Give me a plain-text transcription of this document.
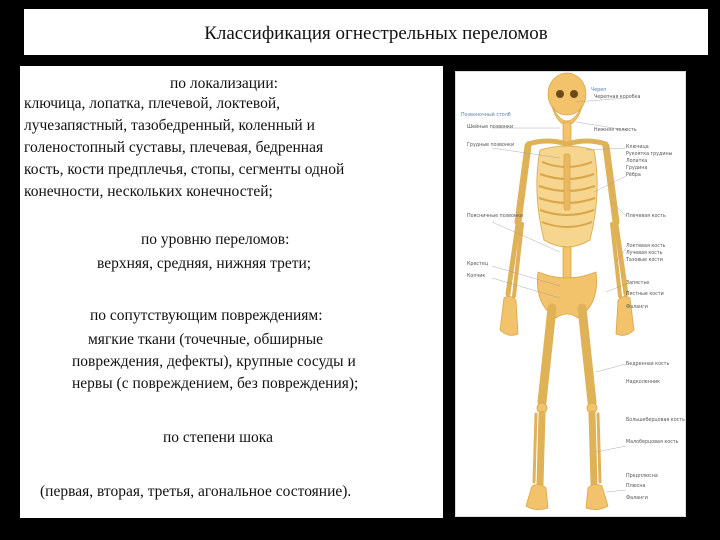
Классификация огнестрельных переломов
по локализации:
ключица, лопатка, плечевой, локтевой,
лучезапястный, тазобедренный, коленный и
голеностопный суставы, плечевая, бедренная
кость, кости предплечья, стопы, сегменты одной
конечности, нескольких конечностей;
по уровню переломов:
верхняя, средняя, нижняя трети;
по сопутствующим повреждениям:
мягкие ткани (точечные, обширные
повреждения, дефекты), крупные сосуды и
нервы (с повреждением, без повреждения);
по степени шока
(первая, вторая, третья, агональное состояние).
Позвоночный столб
Шейные позвонки
Грудные позвонки
Поясничные позвонки
Крестец
Копчик
Череп
Черепная коробка
Нижняя челюсть
Ключица
Рукоятка грудины
Лопатка
Грудина
Рёбра
Плечевая кость
Локтевая кость
Лучевая кость
Тазовые кости
Запястье
Пястные кости
Фаланги
Бедренная кость
Надколенник
Большеберцовая кость
Малоберцовая кость
Предплюсна
Плюсна
Фаланги
